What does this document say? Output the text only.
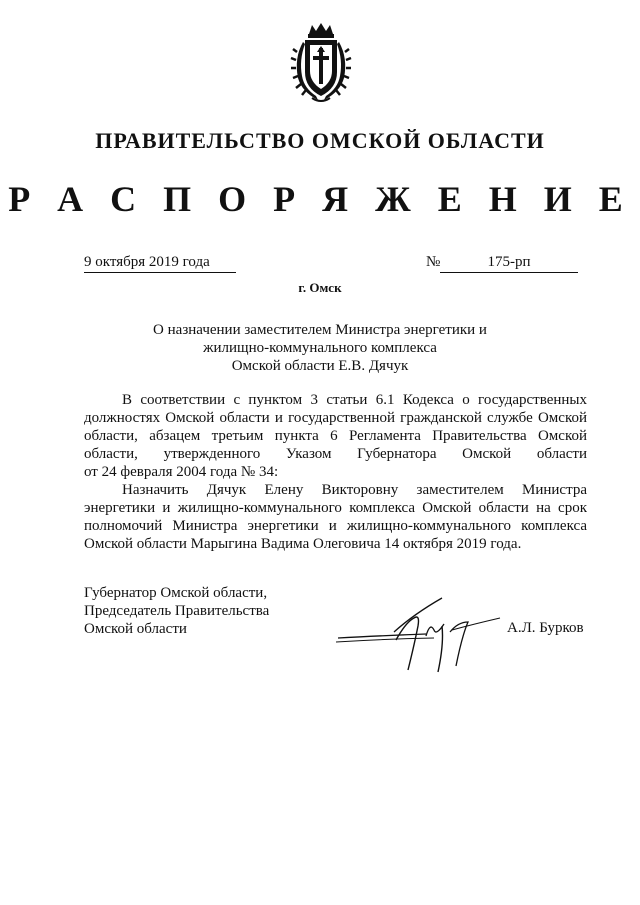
ПРАВИТЕЛЬСТВО ОМСКОЙ ОБЛАСТИ
Р А С П О Р Я Ж Е Н И Е
9 октября 2019 года	№	175-рп
г. Омск
О назначении заместителем Министра энергетики и
жилищно-коммунального комплекса
Омской области Е.В. Дячук
В соответствии с пунктом 3 статьи 6.1 Кодекса о государственных
должностях Омской области и государственной гражданской службе Омской
области, абзацем третьим пункта 6 Регламента Правительства Омской
области, утвержденного Указом Губернатора Омской области
от 24 февраля 2004 года № 34:
Назначить Дячук Елену Викторовну заместителем Министра
энергетики и жилищно-коммунального комплекса Омской области на срок
полномочий Министра энергетики и жилищно-коммунального комплекса
Омской области Марыгина Вадима Олеговича 14 октября 2019 года.
Губернатор Омской области,
Председатель Правительства
Омской области	А.Л. Бурков
